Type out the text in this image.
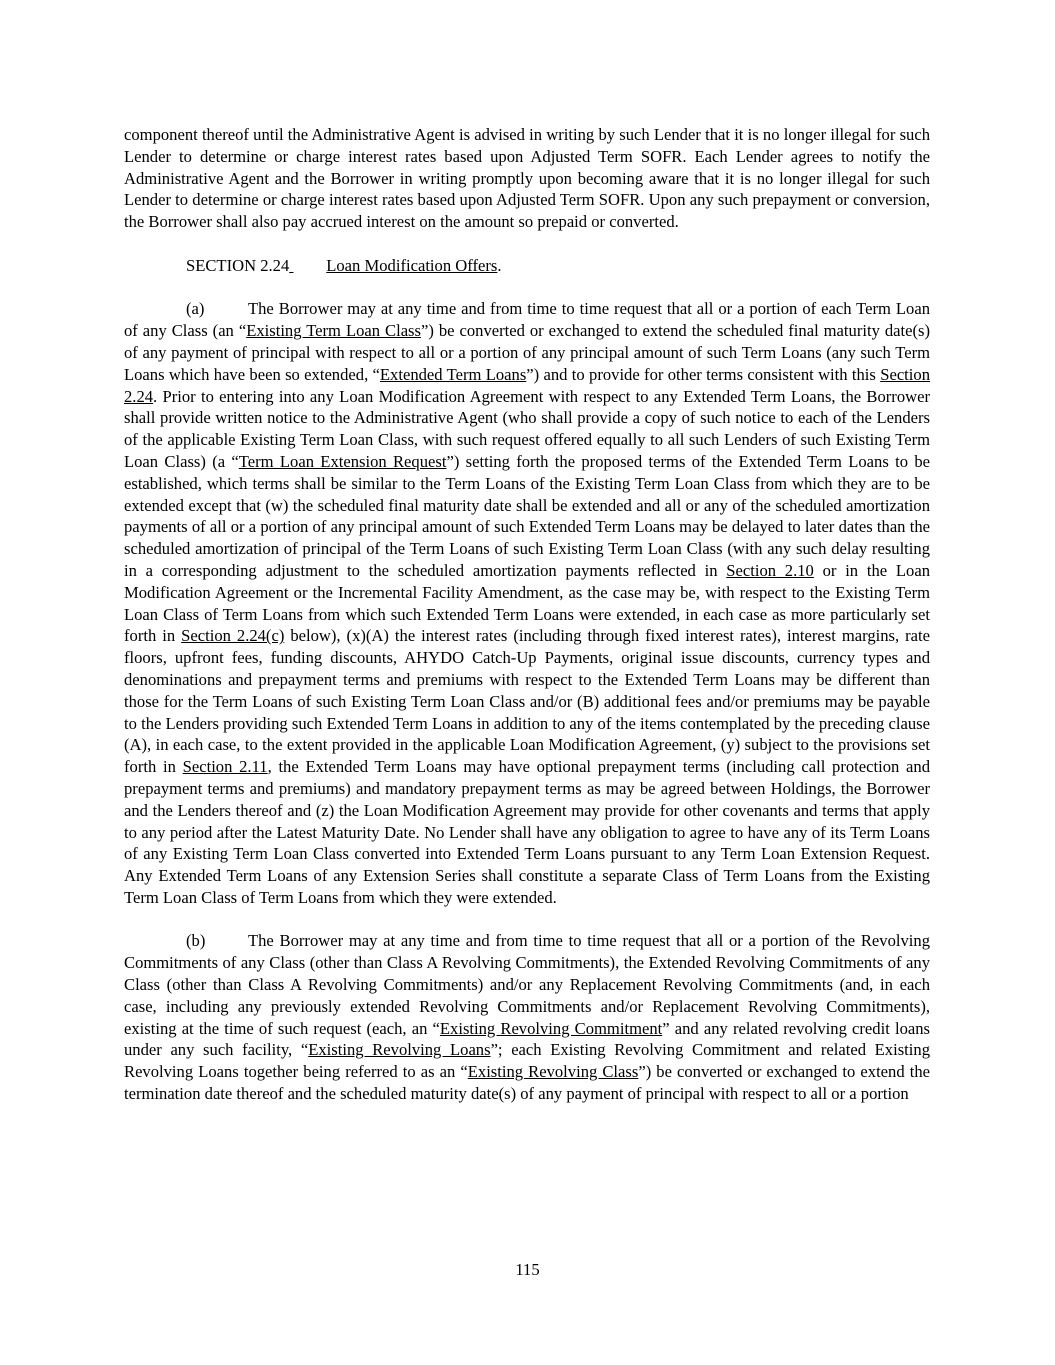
component thereof until the Administrative Agent is advised in writing by such Lender that it is no longer illegal for such Lender to determine or charge interest rates based upon Adjusted Term SOFR. Each Lender agrees to notify the Administrative Agent and the Borrower in writing promptly upon becoming aware that it is no longer illegal for such Lender to determine or charge interest rates based upon Adjusted Term SOFR. Upon any such prepayment or conversion, the Borrower shall also pay accrued interest on the amount so prepaid or converted.

SECTION 2.24 Loan Modification Offers.

(a)	The Borrower may at any time and from time to time request that all or a portion of each Term Loan of any Class (an “Existing Term Loan Class”) be converted or exchanged to extend the scheduled final maturity date(s) of any payment of principal with respect to all or a portion of any principal amount of such Term Loans (any such Term Loans which have been so extended, “Extended Term Loans”) and to provide for other terms consistent with this Section 2.24. Prior to entering into any Loan Modification Agreement with respect to any Extended Term Loans, the Borrower shall provide written notice to the Administrative Agent (who shall provide a copy of such notice to each of the Lenders of the applicable Existing Term Loan Class, with such request offered equally to all such Lenders of such Existing Term Loan Class) (a “Term Loan Extension Request”) setting forth the proposed terms of the Extended Term Loans to be established, which terms shall be similar to the Term Loans of the Existing Term Loan Class from which they are to be extended except that (w) the scheduled final maturity date shall be extended and all or any of the scheduled amortization payments of all or a portion of any principal amount of such Extended Term Loans may be delayed to later dates than the scheduled amortization of principal of the Term Loans of such Existing Term Loan Class (with any such delay resulting in a corresponding adjustment to the scheduled amortization payments reflected in Section 2.10 or in the Loan Modification Agreement or the Incremental Facility Amendment, as the case may be, with respect to the Existing Term Loan Class of Term Loans from which such Extended Term Loans were extended, in each case as more particularly set forth in Section 2.24(c) below), (x)(A) the interest rates (including through fixed interest rates), interest margins, rate floors, upfront fees, funding discounts, AHYDO Catch-Up Payments, original issue discounts, currency types and denominations and prepayment terms and premiums with respect to the Extended Term Loans may be different than those for the Term Loans of such Existing Term Loan Class and/or (B) additional fees and/or premiums may be payable to the Lenders providing such Extended Term Loans in addition to any of the items contemplated by the preceding clause (A), in each case, to the extent provided in the applicable Loan Modification Agreement, (y) subject to the provisions set forth in Section 2.11, the Extended Term Loans may have optional prepayment terms (including call protection and prepayment terms and premiums) and mandatory prepayment terms as may be agreed between Holdings, the Borrower and the Lenders thereof and (z) the Loan Modification Agreement may provide for other covenants and terms that apply to any period after the Latest Maturity Date. No Lender shall have any obligation to agree to have any of its Term Loans of any Existing Term Loan Class converted into Extended Term Loans pursuant to any Term Loan Extension Request. Any Extended Term Loans of any Extension Series shall constitute a separate Class of Term Loans from the Existing Term Loan Class of Term Loans from which they were extended.

(b)	The Borrower may at any time and from time to time request that all or a portion of the Revolving Commitments of any Class (other than Class A Revolving Commitments), the Extended Revolving Commitments of any Class (other than Class A Revolving Commitments) and/or any Replacement Revolving Commitments (and, in each case, including any previously extended Revolving Commitments and/or Replacement Revolving Commitments), existing at the time of such request (each, an “Existing Revolving Commitment” and any related revolving credit loans under any such facility, “Existing Revolving Loans”; each Existing Revolving Commitment and related Existing Revolving Loans together being referred to as an “Existing Revolving Class”) be converted or exchanged to extend the termination date thereof and the scheduled maturity date(s) of any payment of principal with respect to all or a portion

115
